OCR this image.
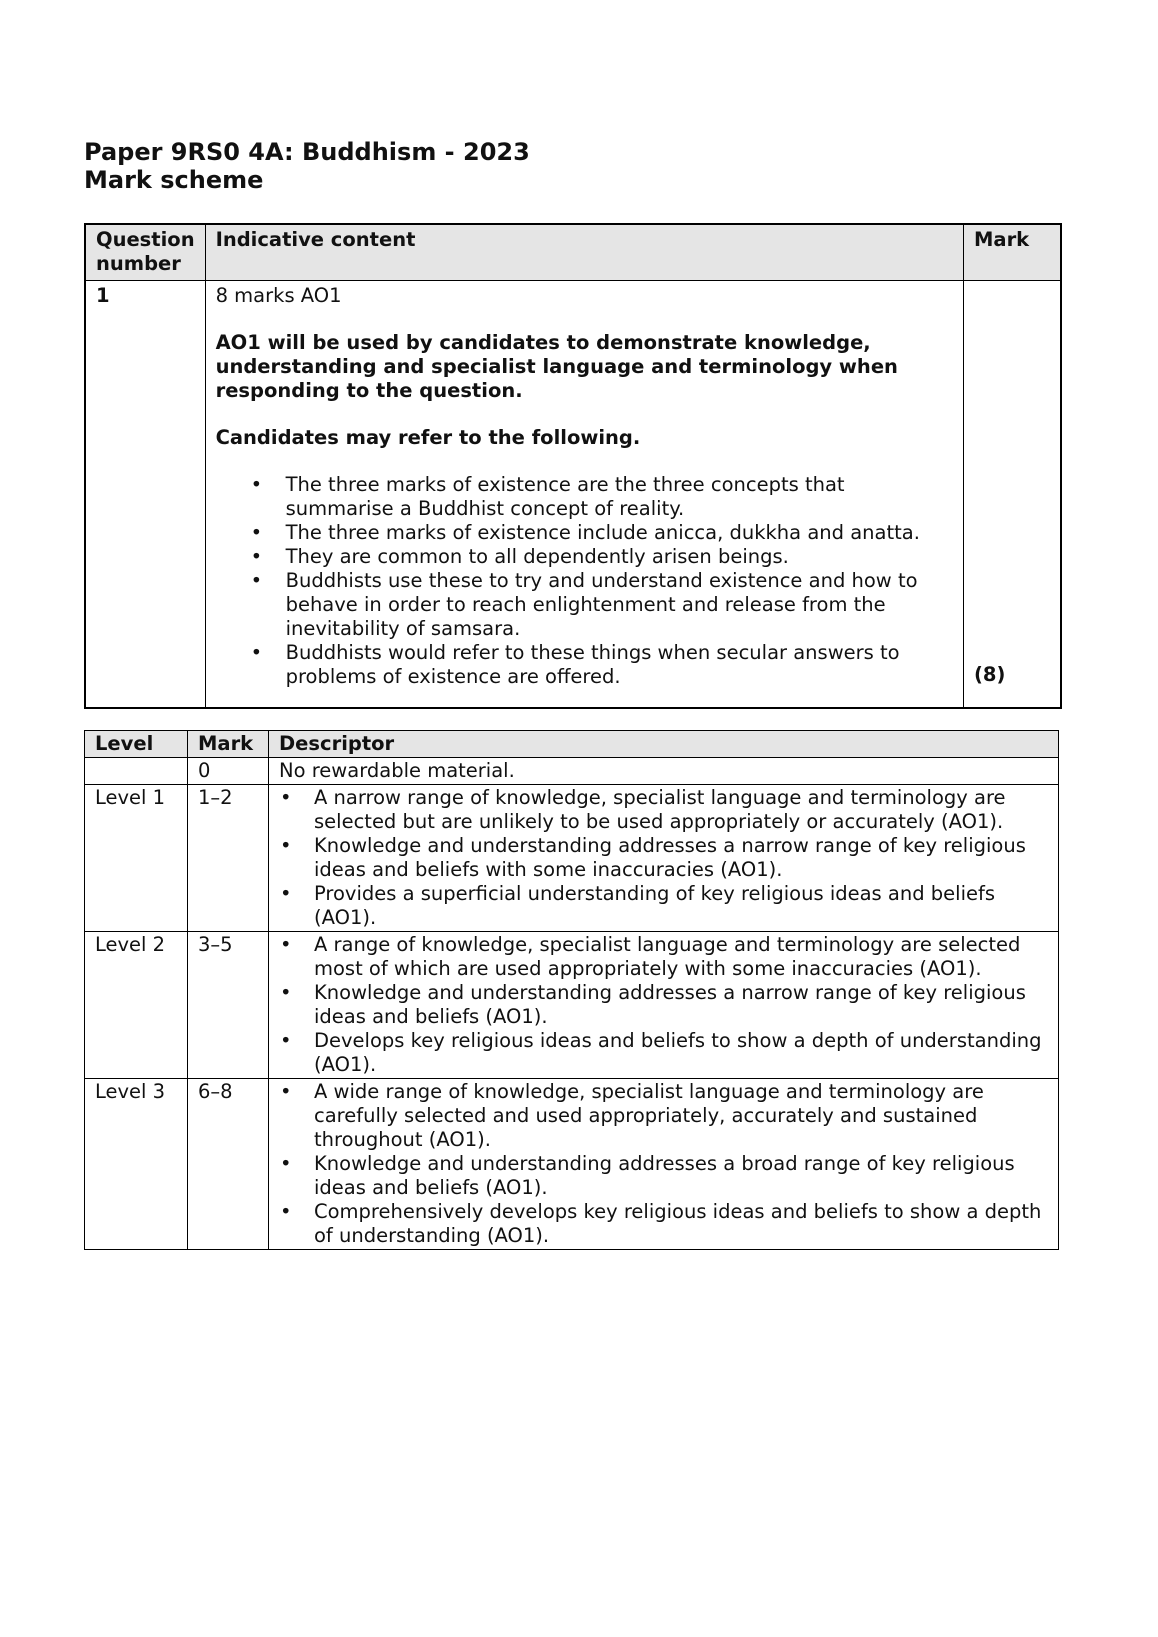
Paper 9RS0 4A: Buddhism - 2023
Mark scheme
Question
number	Indicative content	Mark
1	8 marks AO1

AO1 will be used by candidates to demonstrate knowledge, understanding and specialist language and terminology when responding to the question.

Candidates may refer to the following.

• The three marks of existence are the three concepts that summarise a Buddhist concept of reality.
• The three marks of existence include anicca, dukkha and anatta.
• They are common to all dependently arisen beings.
• Buddhists use these to try and understand existence and how to behave in order to reach enlightenment and release from the inevitability of samsara.
• Buddhists would refer to these things when secular answers to problems of existence are offered.	(8)
Level	Mark	Descriptor
	0	No rewardable material.
Level 1	1–2	
•A narrow range of knowledge, specialist language and terminology are selected but are unlikely to be used appropriately or accurately (AO1).
• Knowledge and understanding addresses a narrow range of key religious ideas and beliefs with some inaccuracies (AO1).
• Provides a superficial understanding of key religious ideas and beliefs (AO1).

Level 2	3–5	
•A range of knowledge, specialist language and terminology are selected most of which are used appropriately with some inaccuracies (AO1).
• Knowledge and understanding addresses a narrow range of key religious ideas and beliefs (AO1).
• Develops key religious ideas and beliefs to show a depth of understanding (AO1).

Level 3	6–8	
•A wide range of knowledge, specialist language and terminology are carefully selected and used appropriately, accurately and sustained throughout (AO1).
• Knowledge and understanding addresses a broad range of key religious ideas and beliefs (AO1).
• Comprehensively develops key religious ideas and beliefs to show a depth of understanding (AO1).
